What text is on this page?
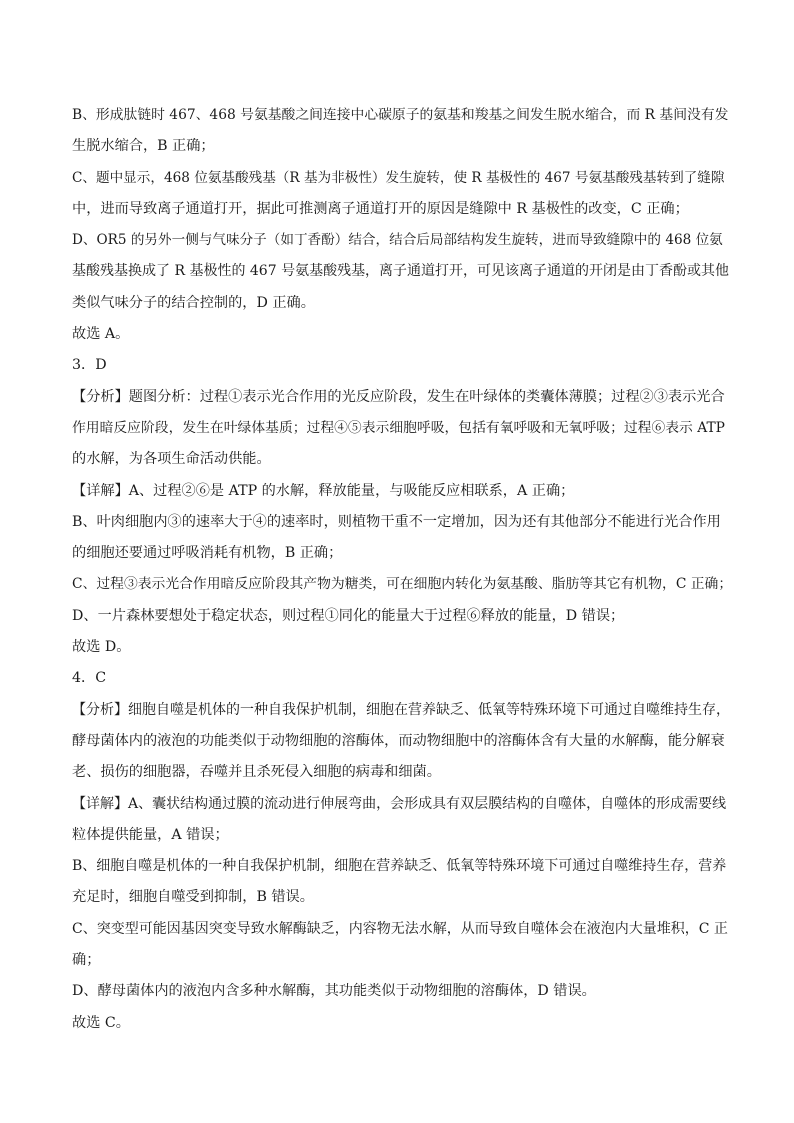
B、形成肽链时 467、468 号氨基酸之间连接中心碳原子的氨基和羧基之间发生脱水缩合，而 R 基间没有发
生脱水缩合，B 正确；
C、题中显示，468 位氨基酸残基（R 基为非极性）发生旋转，使 R 基极性的 467 号氨基酸残基转到了缝隙
中，进而导致离子通道打开，据此可推测离子通道打开的原因是缝隙中 R 基极性的改变，C 正确；
D、OR5 的另外一侧与气味分子（如丁香酚）结合，结合后局部结构发生旋转，进而导致缝隙中的 468 位氨
基酸残基换成了 R 基极性的 467 号氨基酸残基，离子通道打开，可见该离子通道的开闭是由丁香酚或其他
类似气味分子的结合控制的，D 正确。
故选 A。
3．D
【分析】题图分析：过程①表示光合作用的光反应阶段，发生在叶绿体的类囊体薄膜；过程②③表示光合
作用暗反应阶段，发生在叶绿体基质；过程④⑤表示细胞呼吸，包括有氧呼吸和无氧呼吸；过程⑥表示 ATP
的水解，为各项生命活动供能。
【详解】A、过程②⑥是 ATP 的水解，释放能量，与吸能反应相联系，A 正确；
B、叶肉细胞内③的速率大于④的速率时，则植物干重不一定增加，因为还有其他部分不能进行光合作用
的细胞还要通过呼吸消耗有机物，B 正确；
C、过程③表示光合作用暗反应阶段其产物为糖类，可在细胞内转化为氨基酸、脂肪等其它有机物，C 正确；
D、一片森林要想处于稳定状态，则过程①同化的能量大于过程⑥释放的能量，D 错误；
故选 D。
4．C
【分析】细胞自噬是机体的一种自我保护机制，细胞在营养缺乏、低氧等特殊环境下可通过自噬维持生存，
酵母菌体内的液泡的功能类似于动物细胞的溶酶体，而动物细胞中的溶酶体含有大量的水解酶，能分解衰
老、损伤的细胞器，吞噬并且杀死侵入细胞的病毒和细菌。
【详解】A、囊状结构通过膜的流动进行伸展弯曲，会形成具有双层膜结构的自噬体，自噬体的形成需要线
粒体提供能量，A 错误；
B、细胞自噬是机体的一种自我保护机制，细胞在营养缺乏、低氧等特殊环境下可通过自噬维持生存，营养
充足时，细胞自噬受到抑制，B 错误。
C、突变型可能因基因突变导致水解酶缺乏，内容物无法水解，从而导致自噬体会在液泡内大量堆积，C 正
确；
D、酵母菌体内的液泡内含多种水解酶，其功能类似于动物细胞的溶酶体，D 错误。
故选 C。
